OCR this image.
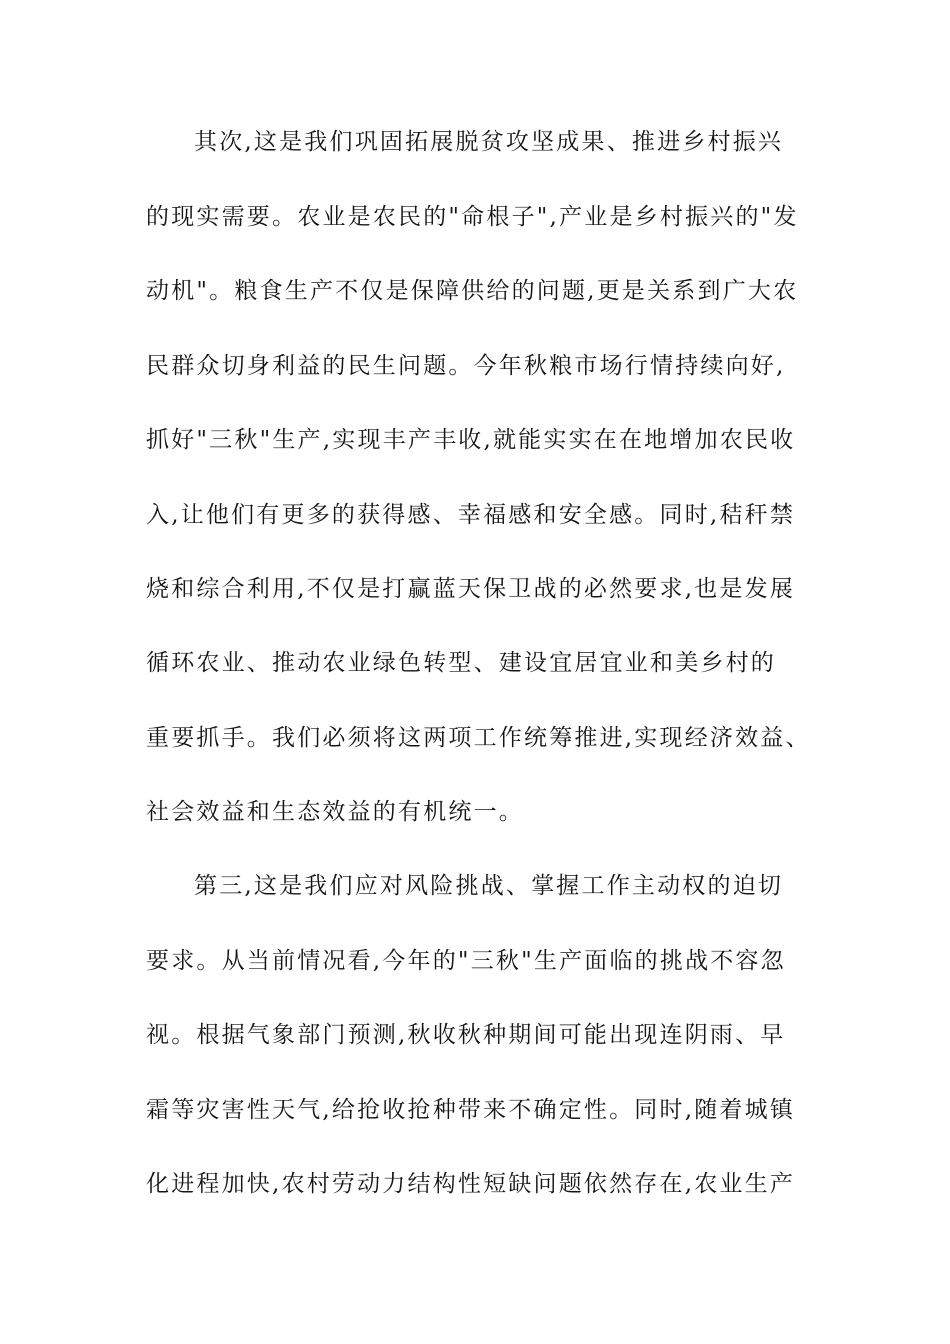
其次,这是我们巩固拓展脱贫攻坚成果、推进乡村振兴
的现实需要。农业是农民的"命根子",产业是乡村振兴的"发
动机"。粮食生产不仅是保障供给的问题,更是关系到广大农
民群众切身利益的民生问题。今年秋粮市场行情持续向好,
抓好"三秋"生产,实现丰产丰收,就能实实在在地增加农民收
入,让他们有更多的获得感、幸福感和安全感。同时,秸秆禁
烧和综合利用,不仅是打赢蓝天保卫战的必然要求,也是发展
循环农业、推动农业绿色转型、建设宜居宜业和美乡村的
重要抓手。我们必须将这两项工作统筹推进,实现经济效益、
社会效益和生态效益的有机统一。
第三,这是我们应对风险挑战、掌握工作主动权的迫切
要求。从当前情况看,今年的"三秋"生产面临的挑战不容忽
视。根据气象部门预测,秋收秋种期间可能出现连阴雨、早
霜等灾害性天气,给抢收抢种带来不确定性。同时,随着城镇
化进程加快,农村劳动力结构性短缺问题依然存在,农业生产
